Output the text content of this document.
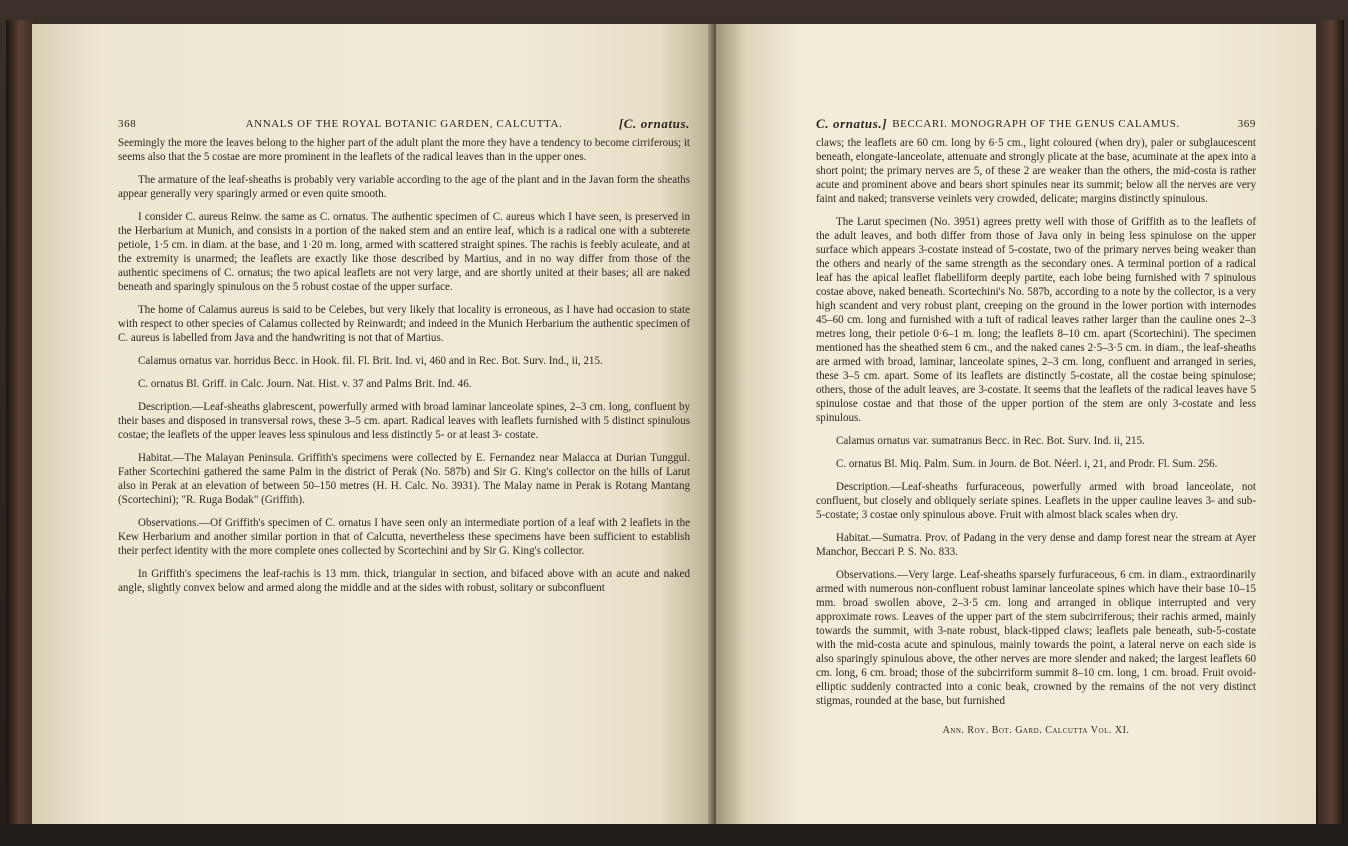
368	ANNALS OF THE ROYAL BOTANIC GARDEN, CALCUTTA.	[C. ornatus.

Seemingly the more the leaves belong to the higher part of the adult plant the more they have a tendency to become cirriferous; it seems also that the 5 costae are more prominent in the leaflets of the radical leaves than in the upper ones.

The armature of the leaf-sheaths is probably very variable according to the age of the plant and in the Javan form the sheaths appear generally very sparingly armed or even quite smooth.

I consider C. aureus Reinw. the same as C. ornatus. The authentic specimen of C. aureus which I have seen, is preserved in the Herbarium at Munich, and consists in a portion of the naked stem and an entire leaf, which is a radical one with a subterete petiole, 1·5 cm. in diam. at the base, and 1·20 m. long, armed with scattered straight spines. The rachis is feebly aculeate, and at the extremity is unarmed; the leaflets are exactly like those described by Martius, and in no way differ from those of the authentic specimens of C. ornatus; the two apical leaflets are not very large, and are shortly united at their bases; all are naked beneath and sparingly spinulous on the 5 robust costae of the upper surface.

The home of Calamus aureus is said to be Celebes, but very likely that locality is erroneous, as I have had occasion to state with respect to other species of Calamus collected by Reinwardt; and indeed in the Munich Herbarium the authentic specimen of C. aureus is labelled from Java and the handwriting is not that of Martius.

Calamus ornatus var. horridus Becc. in Hook. fil. Fl. Brit. Ind. vi, 460 and in Rec. Bot. Surv. Ind., ii, 215.

C. ornatus Bl. Griff. in Calc. Journ. Nat. Hist. v. 37 and Palms Brit. Ind. 46.

Description.—Leaf-sheaths glabrescent, powerfully armed with broad laminar lanceolate spines, 2–3 cm. long, confluent by their bases and disposed in transversal rows, these 3–5 cm. apart. Radical leaves with leaflets furnished with 5 distinct spinulous costae; the leaflets of the upper leaves less spinulous and less distinctly 5- or at least 3- costate.

Habitat.—The Malayan Peninsula. Griffith's specimens were collected by E. Fernandez near Malacca at Durian Tunggul. Father Scortechini gathered the same Palm in the district of Perak (No. 587b) and Sir G. King's collector on the hills of Larut also in Perak at an elevation of between 50–150 metres (H. H. Calc. No. 3931). The Malay name in Perak is Rotang Mantang (Scortechini); "R. Ruga Bodak" (Griffith).

Observations.—Of Griffith's specimen of C. ornatus I have seen only an intermediate portion of a leaf with 2 leaflets in the Kew Herbarium and another similar portion in that of Calcutta, nevertheless these specimens have been sufficient to establish their perfect identity with the more complete ones collected by Scortechini and by Sir G. King's collector.

In Griffith's specimens the leaf-rachis is 13 mm. thick, triangular in section, and bifaced above with an acute and naked angle, slightly convex below and armed along the middle and at the sides with robust, solitary or subconfluent

C. ornatus.] BECCARI. MONOGRAPH OF THE GENUS CALAMUS.	369

claws; the leaflets are 60 cm. long by 6·5 cm., light coloured (when dry), paler or subglaucescent beneath, elongate-lanceolate, attenuate and strongly plicate at the base, acuminate at the apex into a short point; the primary nerves are 5, of these 2 are weaker than the others, the mid-costa is rather acute and prominent above and bears short spinules near its summit; below all the nerves are very faint and naked; transverse veinlets very crowded, delicate; margins distinctly spinulous.

The Larut specimen (No. 3951) agrees pretty well with those of Griffith as to the leaflets of the adult leaves, and both differ from those of Java only in being less spinulose on the upper surface which appears 3-costate instead of 5-costate, two of the primary nerves being weaker than the others and nearly of the same strength as the secondary ones. A terminal portion of a radical leaf has the apical leaflet flabelliform deeply partite, each lobe being furnished with 7 spinulous costae above, naked beneath. Scortechini's No. 587b, according to a note by the collector, is a very high scandent and very robust plant, creeping on the ground in the lower portion with internodes 45–60 cm. long and furnished with a tuft of radical leaves rather larger than the cauline ones 2–3 metres long, their petiole 0·6–1 m. long; the leaflets 8–10 cm. apart (Scortechini). The specimen mentioned has the sheathed stem 6 cm., and the naked canes 2·5–3·5 cm. in diam., the leaf-sheaths are armed with broad, laminar, lanceolate spines, 2–3 cm. long, confluent and arranged in series, these 3–5 cm. apart. Some of its leaflets are distinctly 5-costate, all the costae being spinulose; others, those of the adult leaves, are 3-costate. It seems that the leaflets of the radical leaves have 5 spinulose costae and that those of the upper portion of the stem are only 3-costate and less spinulous.

Calamus ornatus var. sumatranus Becc. in Rec. Bot. Surv. Ind. ii, 215.

C. ornatus Bl. Miq. Palm. Sum. in Journ. de Bot. Néerl. i, 21, and Prodr. Fl. Sum. 256.

Description.—Leaf-sheaths furfuraceous, powerfully armed with broad lanceolate, not confluent, but closely and obliquely seriate spines. Leaflets in the upper cauline leaves 3- and sub-5-costate; 3 costae only spinulous above. Fruit with almost black scales when dry.

Habitat.—Sumatra. Prov. of Padang in the very dense and damp forest near the stream at Ayer Manchor, Beccari P. S. No. 833.

Observations.—Very large. Leaf-sheaths sparsely furfuraceous, 6 cm. in diam., extraordinarily armed with numerous non-confluent robust laminar lanceolate spines which have their base 10–15 mm. broad swollen above, 2–3·5 cm. long and arranged in oblique interrupted and very approximate rows. Leaves of the upper part of the stem subcirriferous; their rachis armed, mainly towards the summit, with 3-nate robust, black-tipped claws; leaflets pale beneath, sub-5-costate with the mid-costa acute and spinulous, mainly towards the point, a lateral nerve on each side is also sparingly spinulous above, the other nerves are more slender and naked; the largest leaflets 60 cm. long, 6 cm. broad; those of the subcirriform summit 8–10 cm. long, 1 cm. broad. Fruit ovoid-elliptic suddenly contracted into a conic beak, crowned by the remains of the not very distinct stigmas, rounded at the base, but furnished

Ann. Roy. Bot. Gard. Calcutta Vol. XI.
